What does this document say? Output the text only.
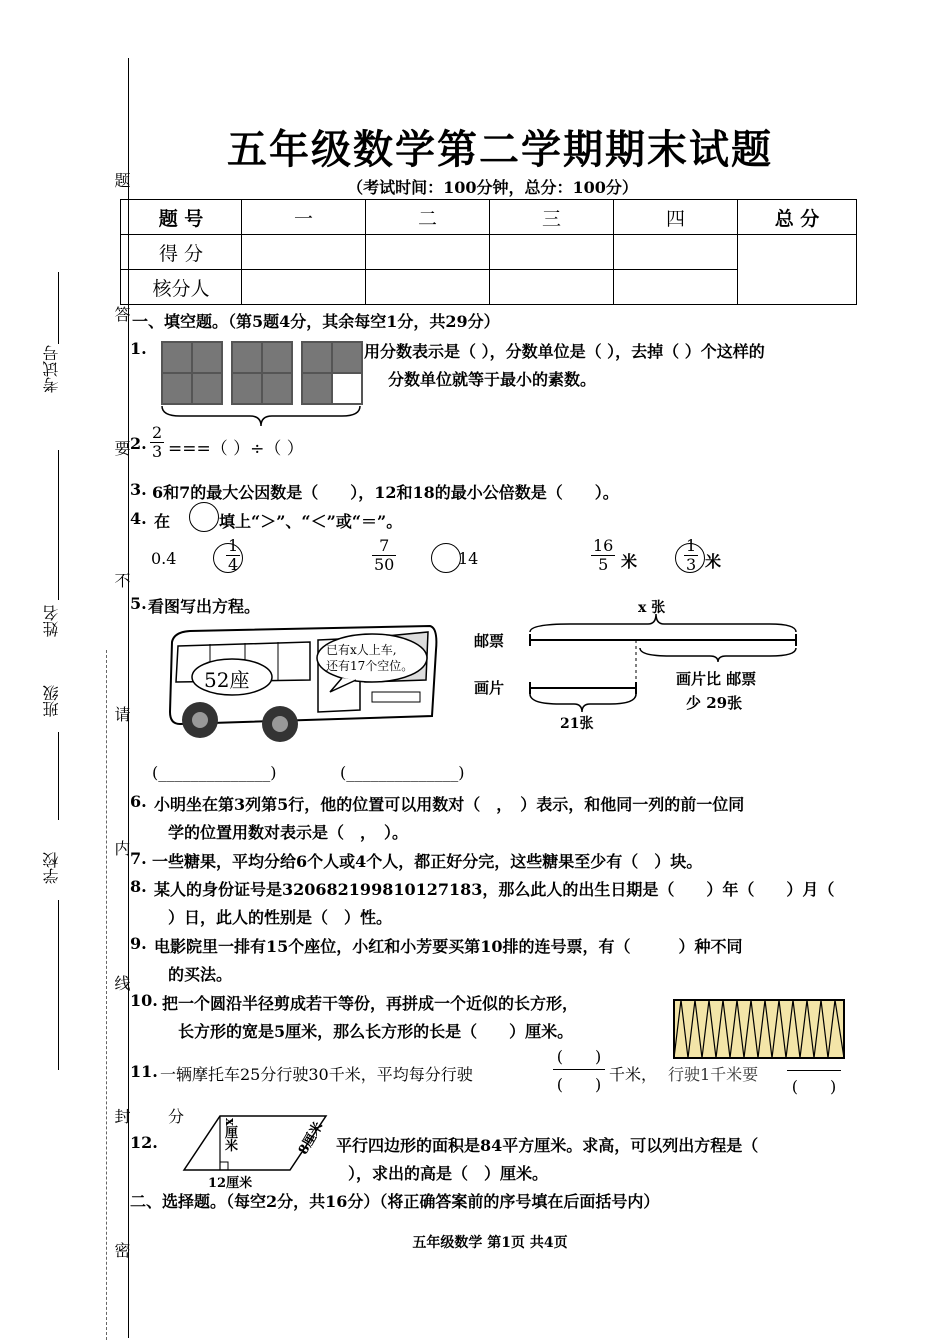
题
答
要
不
请
内
线
封
密
考试号
姓名
班级
学校
五年级数学第二学期期末试题
（考试时间：100分钟，总分：100分）
题 号	一	二	三	四	总 分
得 分					
核分人					
一、填空题。（第5题4分，其余每空1分，共29分）
1.	用分数表示是（ ），分数单位是（ ），去掉（ ）个这样的
分数单位就等于最小的素数。
2. $\frac{2}{3}$ ===（ ）÷（ ）
3. 6和7的最大公因数是（　　），12和18的最小公倍数是（　　）。
4. 在	填上“＞”、“＜”或“＝”。
0.4	$\frac{1}{4}$	$\frac{7}{50}$	14	$\frac{16}{5}$ 米	$\frac{1}{3}$ 米
5. 看图写出方程。
52座
已有x人上车,
还有17个空位。
x 张
邮票
画片
21张
画片比 邮票
少 29张
(______________)	(______________)
6. 小明坐在第3列第5行，他的位置可以用数对（　，　）表示，和他同一列的前一位同
学的位置用数对表示是（　，　）。
7. 一些糖果，平均分给6个人或4个人，都正好分完，这些糖果至少有（　）块。
8. 某人的身份证号是320682199810127183，那么此人的出生日期是（　　）年（　　）月（
）日，此人的性别是（　）性。
9. 电影院里一排有15个座位，小红和小芳要买第10排的连号票，有（　　　）种不同
的买法。
10. 把一个圆沿半径剪成若干等份，再拼成一个近似的长方形，
长方形的宽是5厘米，那么长方形的长是（　　）厘米。
11. 一辆摩托车25分行驶30千米，平均每分行驶
(　　)
(　　)
千米， 行驶1千米要
(　　)
分
12.	x厘米	8厘米
12厘米
平行四边形的面积是84平方厘米。求高，可以列出方程是（
），求出的高是（　）厘米。
二、选择题。（每空2分，共16分）（将正确答案前的序号填在后面括号内）
五年级数学 第1页 共4页
